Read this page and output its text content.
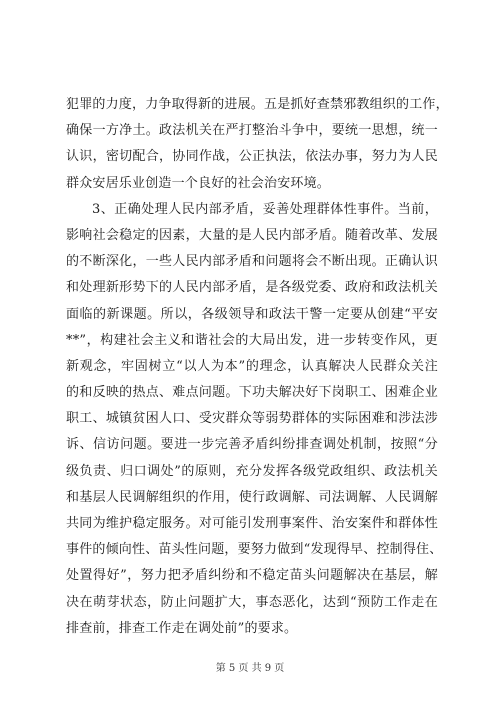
犯罪的力度，力争取得新的进展。五是抓好查禁邪教组织的工作，
确保一方净土。政法机关在严打整治斗争中，要统一思想，统一
认识，密切配合，协同作战，公正执法，依法办事，努力为人民
群众安居乐业创造一个良好的社会治安环境。
3、正确处理人民内部矛盾，妥善处理群体性事件。当前，
影响社会稳定的因素，大量的是人民内部矛盾。随着改革、发展
的不断深化，一些人民内部矛盾和问题将会不断出现。正确认识
和处理新形势下的人民内部矛盾，是各级党委、政府和政法机关
面临的新课题。所以，各级领导和政法干警一定要从创建“平安
**”，构建社会主义和谐社会的大局出发，进一步转变作风，更
新观念，牢固树立“以人为本”的理念，认真解决人民群众关注
的和反映的热点、难点问题。下功夫解决好下岗职工、困难企业
职工、城镇贫困人口、受灾群众等弱势群体的实际困难和涉法涉
诉、信访问题。要进一步完善矛盾纠纷排查调处机制，按照“分
级负责、归口调处”的原则，充分发挥各级党政组织、政法机关
和基层人民调解组织的作用，使行政调解、司法调解、人民调解
共同为维护稳定服务。对可能引发刑事案件、治安案件和群体性
事件的倾向性、苗头性问题，要努力做到“发现得早、控制得住、
处置得好”，努力把矛盾纠纷和不稳定苗头问题解决在基层，解
决在萌芽状态，防止问题扩大，事态恶化，达到“预防工作走在
排查前，排查工作走在调处前”的要求。
第 5 页 共 9 页
